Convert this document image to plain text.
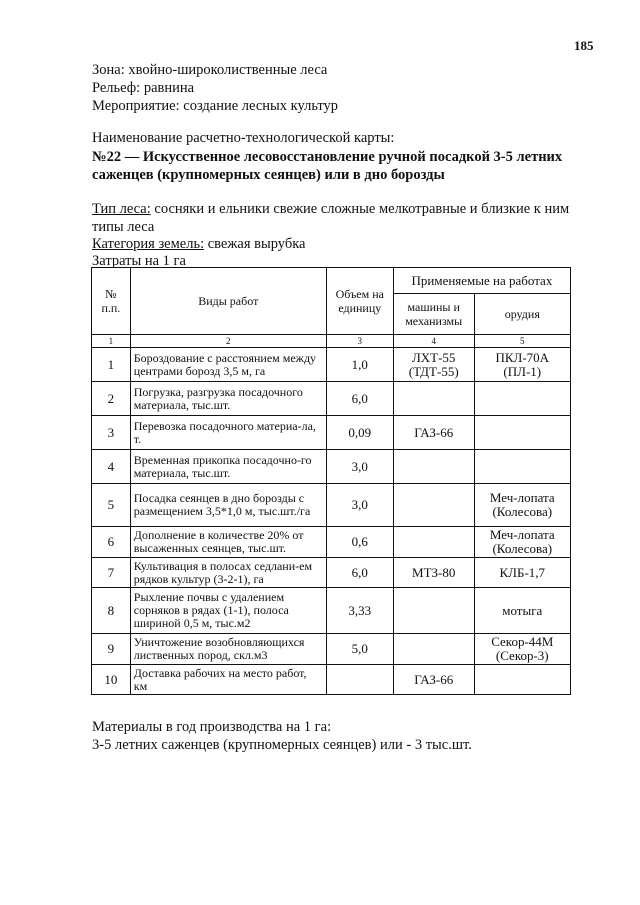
185
Зона: хвойно-широколиственные леса
Рельеф: равнина
Мероприятие: создание лесных культур
Наименование расчетно-технологической карты:
№22 — Искусственное лесовосстановление ручной посадкой 3-5 летних
саженцев (крупномерных сеянцев) или в дно борозды
Тип леса: сосняки и ельники свежие сложные мелкотравные и близкие к ним
типы леса
Категория земель: свежая вырубка
Затраты на 1 га
№ п.п.	Виды работ	Объем на единицу	Применяемые на работах	
			машины и механизмы	орудия
1	2	3	4	5
1	Бороздование с расстоянием между центрами борозд 3,5 м, га	1,0	ЛХТ-55 (ТДТ-55)	ПКЛ-70А (ПЛ-1)
2	Погрузка, разгрузка посадочного материала, тыс.шт.	6,0		
3	Перевозка посадочного материа-ла, т.	0,09	ГАЗ-66	
4	Временная прикопка посадочно-го материала, тыс.шт.	3,0		
5	Посадка сеянцев в дно борозды с размещением 3,5*1,0 м, тыс.шт./га	3,0		Меч-лопата (Колесова)
6	Дополнение в количестве 20% от высаженных сеянцев, тыс.шт.	0,6		Меч-лопата (Колесова)
7	Культивация в полосах седлани-ем рядков культур (3-2-1), га	6,0	МТЗ-80	КЛБ-1,7
8	Рыхление почвы с удалением сорняков в рядах (1-1), полоса шириной 0,5 м, тыс.м2	3,33		мотыга
9	Уничтожение возобновляющихся лиственных пород, скл.м3	5,0		Секор-44М (Секор-3)
10	Доставка рабочих на место работ, км		ГАЗ-66	
Материалы в год производства на 1 га:
3-5 летних саженцев (крупномерных сеянцев) или - 3 тыс.шт.
